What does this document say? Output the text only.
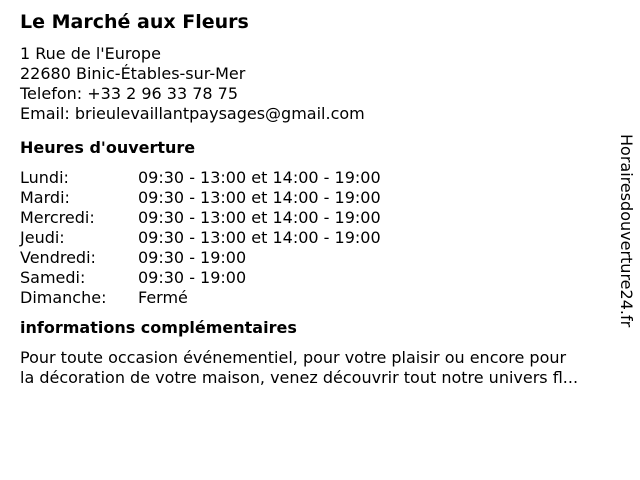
Le Marché aux Fleurs
1 Rue de l'Europe
22680 Binic-Étables-sur-Mer
Telefon: +33 2 96 33 78 75
Email: brieulevaillantpaysages@gmail.com
Heures d'ouverture
Lundi:	09:30 - 13:00 et 14:00 - 19:00
Mardi:	09:30 - 13:00 et 14:00 - 19:00
Mercredi:	09:30 - 13:00 et 14:00 - 19:00
Jeudi:	09:30 - 13:00 et 14:00 - 19:00
Vendredi:	09:30 - 19:00
Samedi:	09:30 - 19:00
Dimanche:	Fermé
informations complémentaires
Pour toute occasion événementiel, pour votre plaisir ou encore pour
la décoration de votre maison, venez découvrir tout notre univers fl...
Horairesdouverture24.fr
